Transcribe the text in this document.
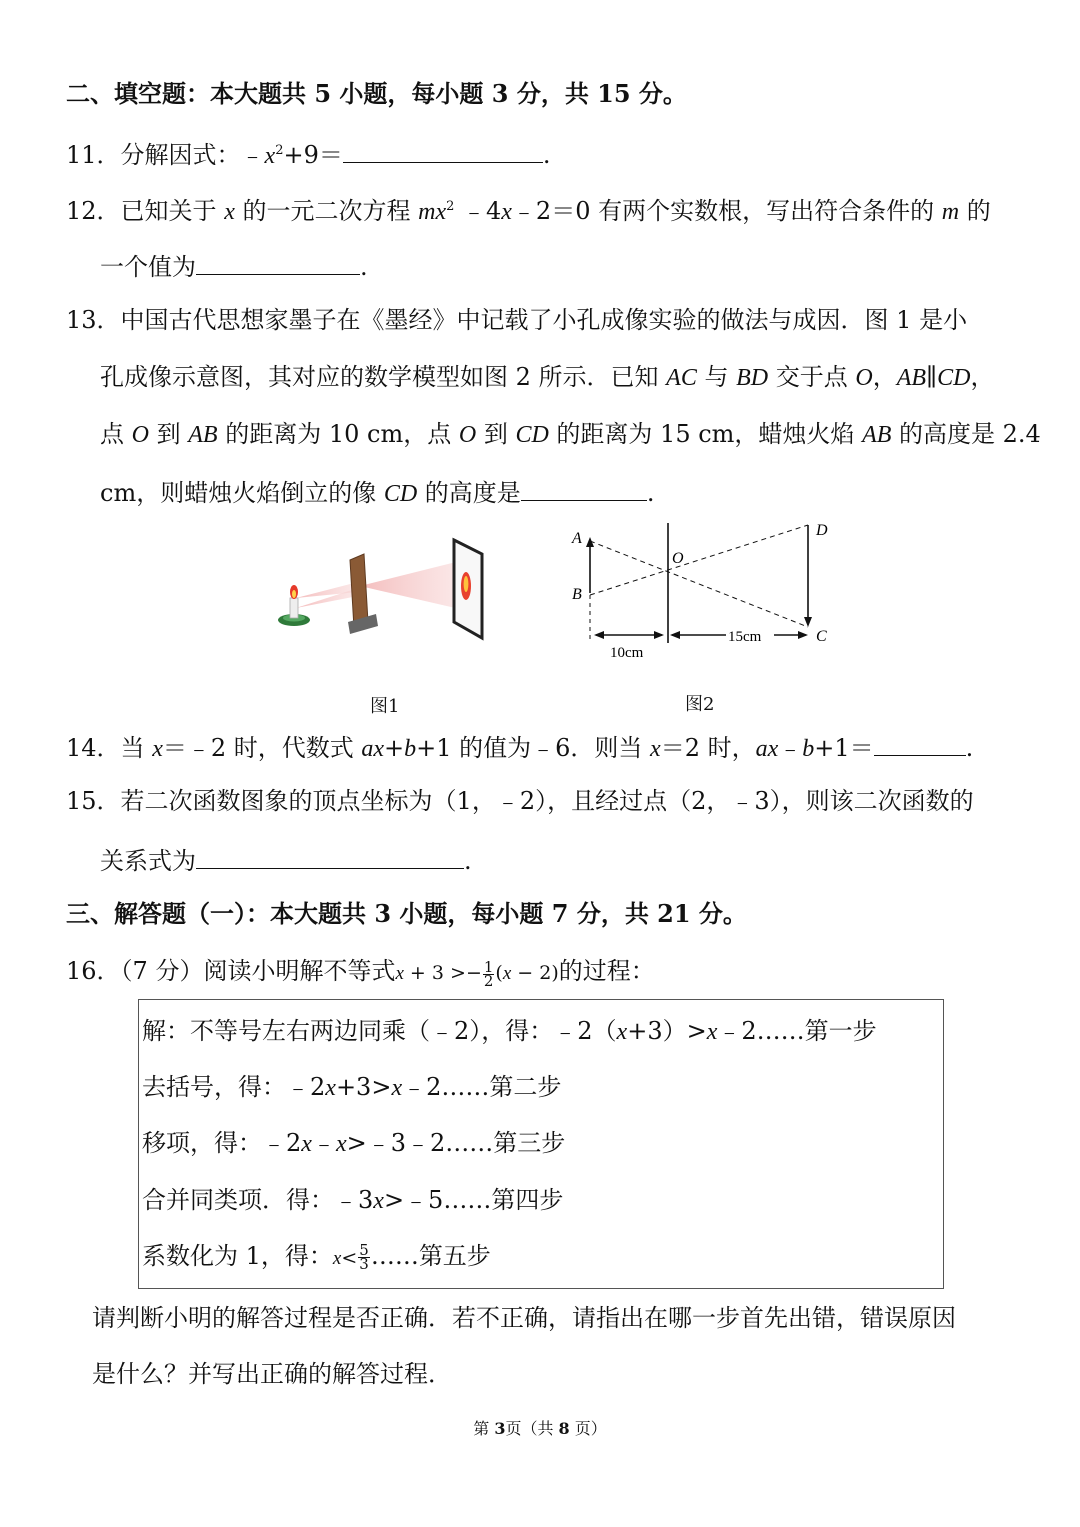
二、填空题：本大题共 5 小题，每小题 3 分，共 15 分。
11．分解因式：$﹣x^2+9=$	.
12．已知关于 x 的一元二次方程 $mx^2$ ﹣4x﹣2＝0 有两个实数根，写出符合条件的 m 的
一个值为	.
13．中国古代思想家墨子在《墨经》中记载了小孔成像实验的做法与成因．图 1 是小
孔成像示意图，其对应的数学模型如图 2 所示．已知 AC 与 BD 交于点 O，AB∥CD，
点 O 到 AB 的距离为 10 cm，点 O 到 CD 的距离为 15 cm，蜡烛火焰 AB 的高度是 2.4
cm，则蜡烛火焰倒立的像 CD 的高度是	.
图1
A
B
O
D
C
10cm
15cm
图2
14．当 x＝﹣2 时，代数式 ax+b+1 的值为﹣6．则当 x＝2 时，ax﹣b+1＝	.
15．若二次函数图象的顶点坐标为（1，﹣2），且经过点（2，﹣3），则该二次函数的
关系式为	.
三、解答题（一）：本大题共 3 小题，每小题 7 分，共 21 分。
16．（7 分）阅读小明解不等式$x + 3 >- \frac{1}{2} (x - 2)$的过程：
解：不等号左右两边同乘（﹣2），得：﹣2（x+3）>x﹣2……第一步
去括号，得：﹣2x+3>x﹣2……第二步
移项，得：﹣2x﹣x>﹣3﹣2……第三步
合并同类项．得：﹣3x>﹣5……第四步
系数化为 1，得：$x< \frac{5}{3}$ ……第五步
请判断小明的解答过程是否正确．若不正确，请指出在哪一步首先出错，错误原因
是什么？并写出正确的解答过程．
第 3页（共 8 页）
